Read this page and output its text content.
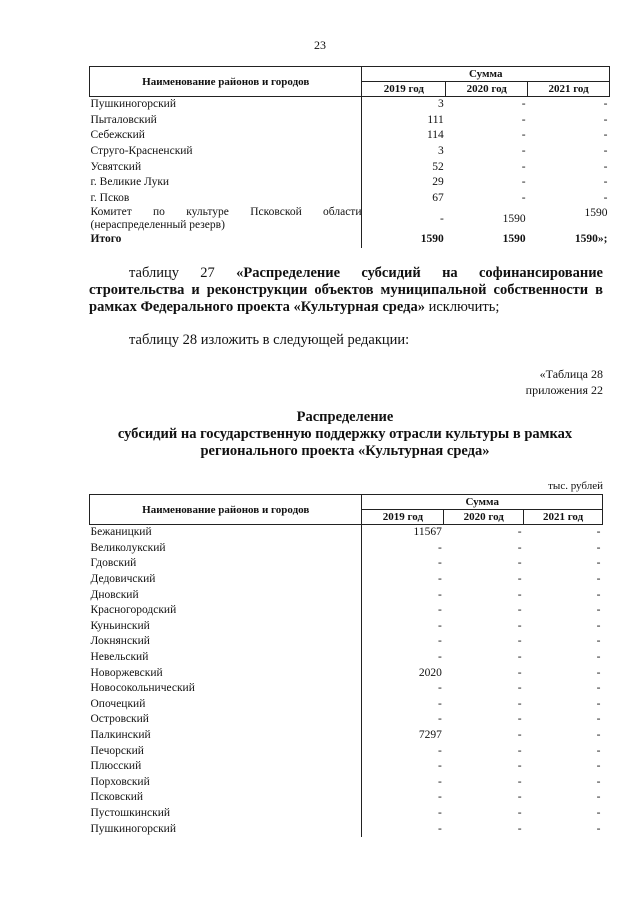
23
Наименование районов и городов	Сумма		
	2019 год	2020 год	2021 год
Пушкиногорский	3	-	-
Пыталовский	111	-	-
Себежский	114	-	-
Струго-Красненский	3	-	-
Усвятский	52	-	-
г. Великие Луки	29	-	-
г. Псков	67	-	-
Комитет по культуре Псковской области (нераспределенный резерв)	-	1590	1590
Итого	1590	1590	1590»;
таблицу 27 «Распределение субсидий на софинансирование строительства и реконструкции объектов муниципальной собственности в рамках Федерального проекта «Культурная среда» исключить;
таблицу 28 изложить в следующей редакции:
«Таблица 28
приложения 22
Распределение
субсидий на государственную поддержку отрасли культуры в рамках
регионального проекта «Культурная среда»
тыс. рублей
Наименование районов и городов	Сумма		
	2019 год	2020 год	2021 год
Бежаницкий	11567	-	-
Великолукский	-	-	-
Гдовский	-	-	-
Дедовичский	-	-	-
Дновский	-	-	-
Красногородский	-	-	-
Куньинский	-	-	-
Локнянский	-	-	-
Невельский	-	-	-
Новоржевский	2020	-	-
Новосокольнический	-	-	-
Опочецкий	-	-	-
Островский	-	-	-
Палкинский	7297	-	-
Печорский	-	-	-
Плюсский	-	-	-
Порховский	-	-	-
Псковский	-	-	-
Пустошкинский	-	-	-
Пушкиногорский	-	-	-
